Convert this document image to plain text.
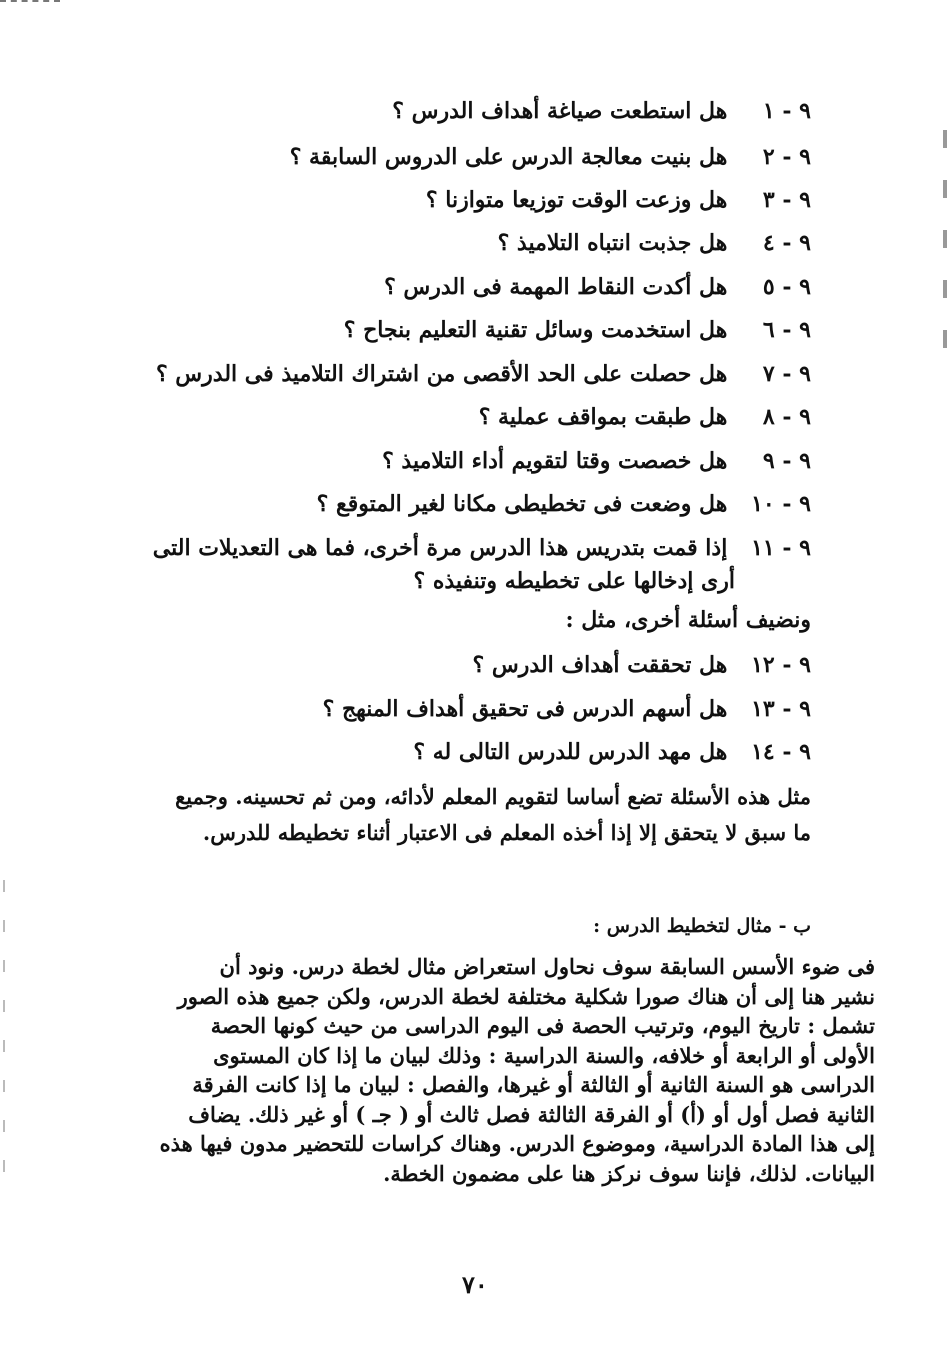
٩ - ١ هل استطعت صياغة أهداف الدرس ؟
٩ - ٢ هل بنيت معالجة الدرس على الدروس السابقة ؟
٩ - ٣ هل وزعت الوقت توزيعا متوازنا ؟
٩ - ٤ هل جذبت انتباه التلاميذ ؟
٩ - ٥ هل أكدت النقاط المهمة فى الدرس ؟
٩ - ٦ هل استخدمت وسائل تقنية التعليم بنجاح ؟
٩ - ٧ هل حصلت على الحد الأقصى من اشتراك التلاميذ فى الدرس ؟
٩ - ٨ هل طبقت بمواقف عملية ؟
٩ - ٩ هل خصصت وقتا لتقويم أداء التلاميذ ؟
٩ - ١٠ هل وضعت فى تخطيطى مكانا لغير المتوقع ؟
٩ - ١١ إذا قمت بتدريس هذا الدرس مرة أخرى، فما هى التعديلات التى
أرى إدخالها على تخطيطه وتنفيذه ؟
ونضيف أسئلة أخرى، مثل :
٩ - ١٢ هل تحققت أهداف الدرس ؟
٩ - ١٣ هل أسهم الدرس فى تحقيق أهداف المنهج ؟
٩ - ١٤ هل مهد الدرس للدرس التالى له ؟
مثل هذه الأسئلة تضع أساسا لتقويم المعلم لأدائه، ومن ثم تحسينه. وجميع
ما سبق لا يتحقق إلا إذا أخذه المعلم فى الاعتبار أثناء تخطيطه للدرس.
ب - مثال لتخطيط الدرس :
فى ضوء الأسس السابقة سوف نحاول استعراض مثال لخطة درس. ونود أن
نشير هنا إلى أن هناك صورا شكلية مختلفة لخطة الدرس، ولكن جميع هذه الصور
تشمل : تاريخ اليوم، وترتيب الحصة فى اليوم الدراسى من حيث كونها الحصة
الأولى أو الرابعة أو خلافه، والسنة الدراسية : وذلك لبيان ما إذا كان المستوى
الدراسى هو السنة الثانية أو الثالثة أو غيرها، والفصل : لبيان ما إذا كانت الفرقة
الثانية فصل أول أو (أ) أو الفرقة الثالثة فصل ثالث أو ( جـ ) أو غير ذلك. يضاف
إلى هذا المادة الدراسية، وموضوع الدرس. وهناك كراسات للتحضير مدون فيها هذه
البيانات. لذلك، فإننا سوف نركز هنا على مضمون الخطة.
٧٠
